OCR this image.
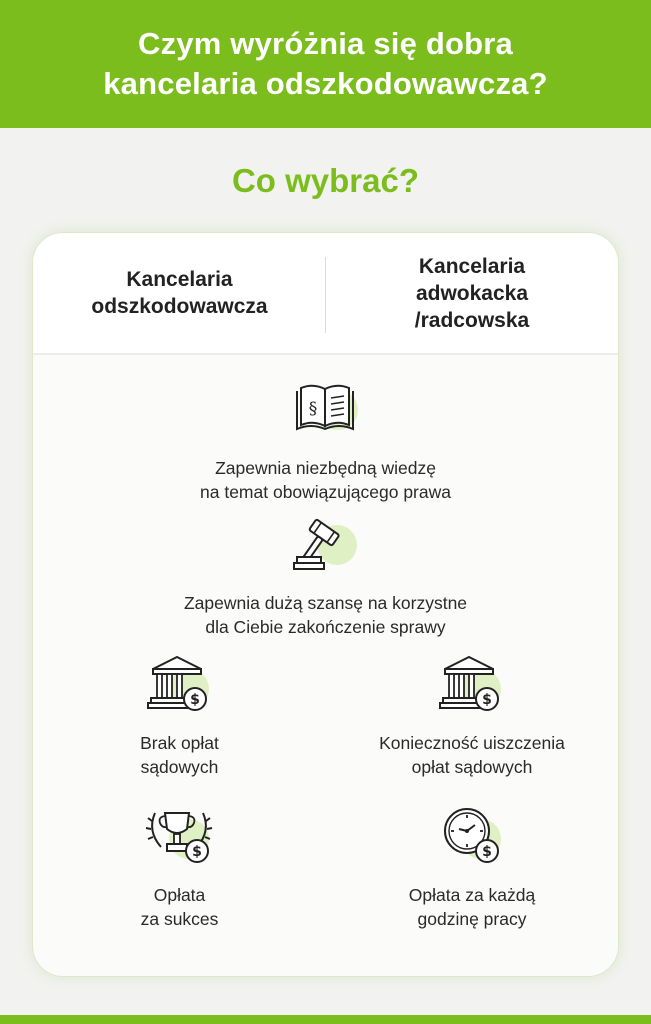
Czym wyróżnia się dobra
kancelaria odszkodowawcza?
Co wybrać?
Kancelaria
odszkodowawcza
Kancelaria
adwokacka
/radcowska
§
Zapewnia niezbędną wiedzę
na temat obowiązującego prawa
Zapewnia dużą szansę na korzystne
dla Ciebie zakończenie sprawy
$
Brak opłat
sądowych
$
Konieczność uiszczenia
opłat sądowych
$
Opłata
za sukces
$
Opłata za każdą
godzinę pracy
